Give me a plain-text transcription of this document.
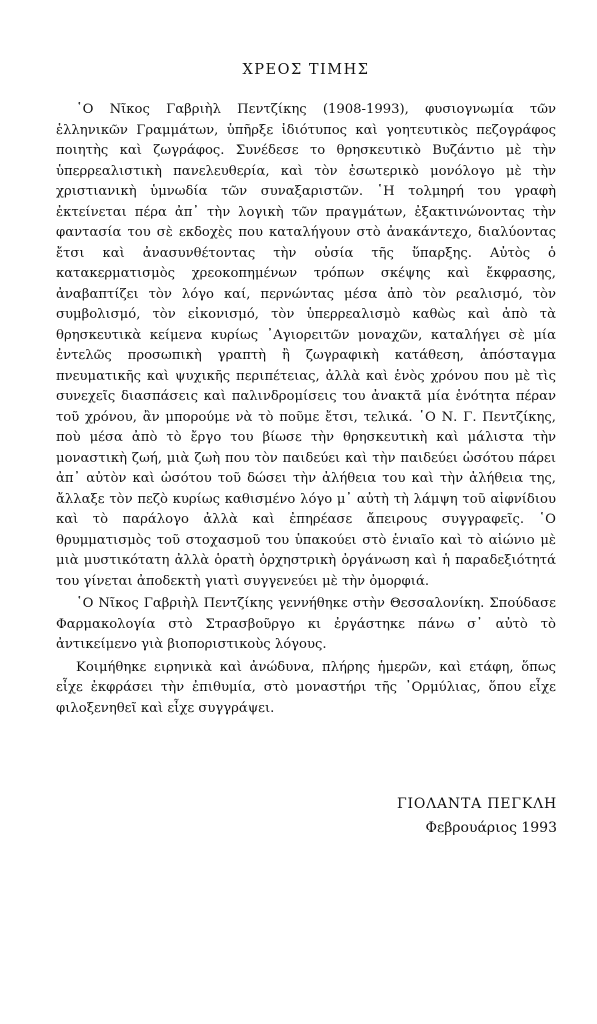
ΧΡΕΟΣ ΤΙΜΗΣ

῾Ο Νῖκος Γαβριὴλ Πεντζίκης (1908-1993), φυσιογνωμία τῶν ἑλληνικῶν Γραμμάτων, ὑπῆρξε ἰδιότυπος καὶ γοητευτικὸς πεζογράφος ποιητὴς καὶ ζωγράφος. Συνέδεσε το θρησκευτικὸ Βυζάντιο μὲ τὴν ὑπερρεαλιστικὴ πανελευθερία, καὶ τὸν ἐσωτερικὸ μονόλογο μὲ τὴν χριστιανικὴ ὑμνωδία τῶν συναξαριστῶν. ῾Η τολμηρή του γραφὴ ἐκτείνεται πέρα ἀπ᾽ τὴν λογικὴ τῶν πραγμάτων, ἐξακτινώνοντας τὴν φαντασία του σὲ εκδοχὲς που καταλήγουν στὸ ἀνακάντεχο, διαλύοντας ἔτσι καὶ ἀνασυνθέτοντας τὴν οὐσία τῆς ὕπαρξης. Αὐτὸς ὁ κατακερματισμὸς χρεοκοπημένων τρόπων σκέψης καὶ ἔκφρασης, ἀναβαπτίζει τὸν λόγο καί, περνώντας μέσα ἀπὸ τὸν ρεαλισμό, τὸν συμβολισμό, τὸν εἰκονισμό, τὸν ὑπερρεαλισμὸ καθὼς καὶ ἀπὸ τὰ θρησκευτικὰ κείμενα κυρίως ᾽Αγιορειτῶν μοναχῶν, καταλήγει σὲ μία ἐντελῶς προσωπικὴ γραπτὴ ἢ ζωγραφικὴ κατάθεση, ἀπόσταγμα πνευματικῆς καὶ ψυχικῆς περιπέτειας, ἀλλὰ καὶ ἑνὸς χρόνου που μὲ τὶς συνεχεῖς διασπάσεις καὶ παλινδρομίσεις του ἀνακτᾶ μία ἑνότητα πέραν τοῦ χρόνου, ἂν μπορούμε νὰ τὸ ποῦμε ἔτσι, τελικά. ῾Ο Ν. Γ. Πεντζίκης, ποὺ μέσα ἀπὸ τὸ ἔργο του βίωσε τὴν θρησκευτικὴ καὶ μάλιστα τὴν μοναστικὴ ζωή, μιὰ ζωὴ που τὸν παιδεύει καὶ τὴν παιδεύει ὡσότου πάρει ἀπ᾽ αὐτὸν καὶ ὡσότου τοῦ δώσει τὴν ἀλήθεια του καὶ τὴν ἀλήθεια της, ἄλλαξε τὸν πεζὸ κυρίως καθισμένο λόγο μ᾽ αὐτὴ τὴ λάμψη τοῦ αἰφνίδιου καὶ τὸ παράλογο ἀλλὰ καὶ ἐπηρέασε ἄπειρους συγγραφεῖς. ῾Ο θρυμματισμὸς τοῦ στοχασμοῦ του ὑπακούει στὸ ἑνιαῖο καὶ τὸ αἰώνιο μὲ μιὰ μυστικότατη ἀλλὰ ὁρατὴ ὀρχηστρικὴ ὀργάνωση καὶ ἡ παραδεξιότητά του γίνεται ἀποδεκτὴ γιατὶ συγγενεύει μὲ τὴν ὀμορφιά.

῾Ο Νῖκος Γαβριὴλ Πεντζίκης γεννήθηκε στὴν Θεσσαλονίκη. Σπούδασε Φαρμακολογία στὸ Στρασβοῦργο κι ἐργάστηκε πάνω σ᾽ αὐτὸ τὸ ἀντικείμενο γιὰ βιοποριστικοὺς λόγους.

Κοιμήθηκε ειρηνικὰ καὶ ἀνώδυνα, πλήρης ἡμερῶν, καὶ ετάφη, ὅπως εἶχε ἐκφράσει τὴν ἐπιθυμία, στὸ μοναστήρι τῆς ᾽Ορμύλιας, ὅπου εἶχε φιλοξενηθεῖ καὶ εἶχε συγγράψει.

ΓΙΟΛΑΝΤΑ ΠΕΓΚΛΗ
Φεβρουάριος 1993
